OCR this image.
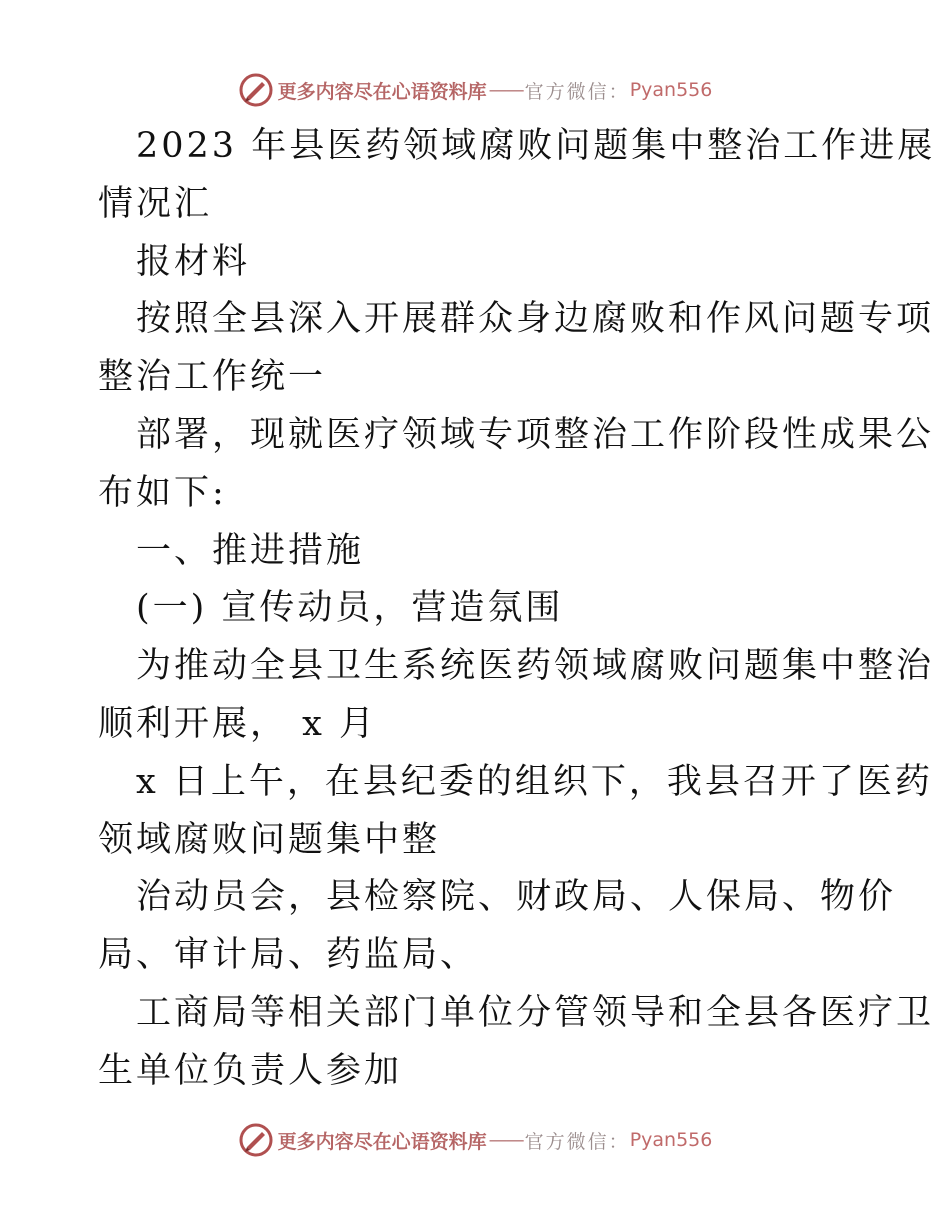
更多内容尽在心语资料库 —— 官方微信： Pyan556
2023 年县医药领域腐败问题集中整治工作进展
情况汇
报材料
按照全县深入开展群众身边腐败和作风问题专项
整治工作统一
部署，现就医疗领域专项整治工作阶段性成果公
布如下:
一、推进措施
(一) 宣传动员，营造氛围
为推动全县卫生系统医药领域腐败问题集中整治
顺利开展， x 月
x 日上午，在县纪委的组织下，我县召开了医药
领域腐败问题集中整
治动员会，县检察院、财政局、人保局、物价
局、审计局、药监局、
工商局等相关部门单位分管领导和全县各医疗卫
生单位负责人参加
更多内容尽在心语资料库 —— 官方微信： Pyan556
